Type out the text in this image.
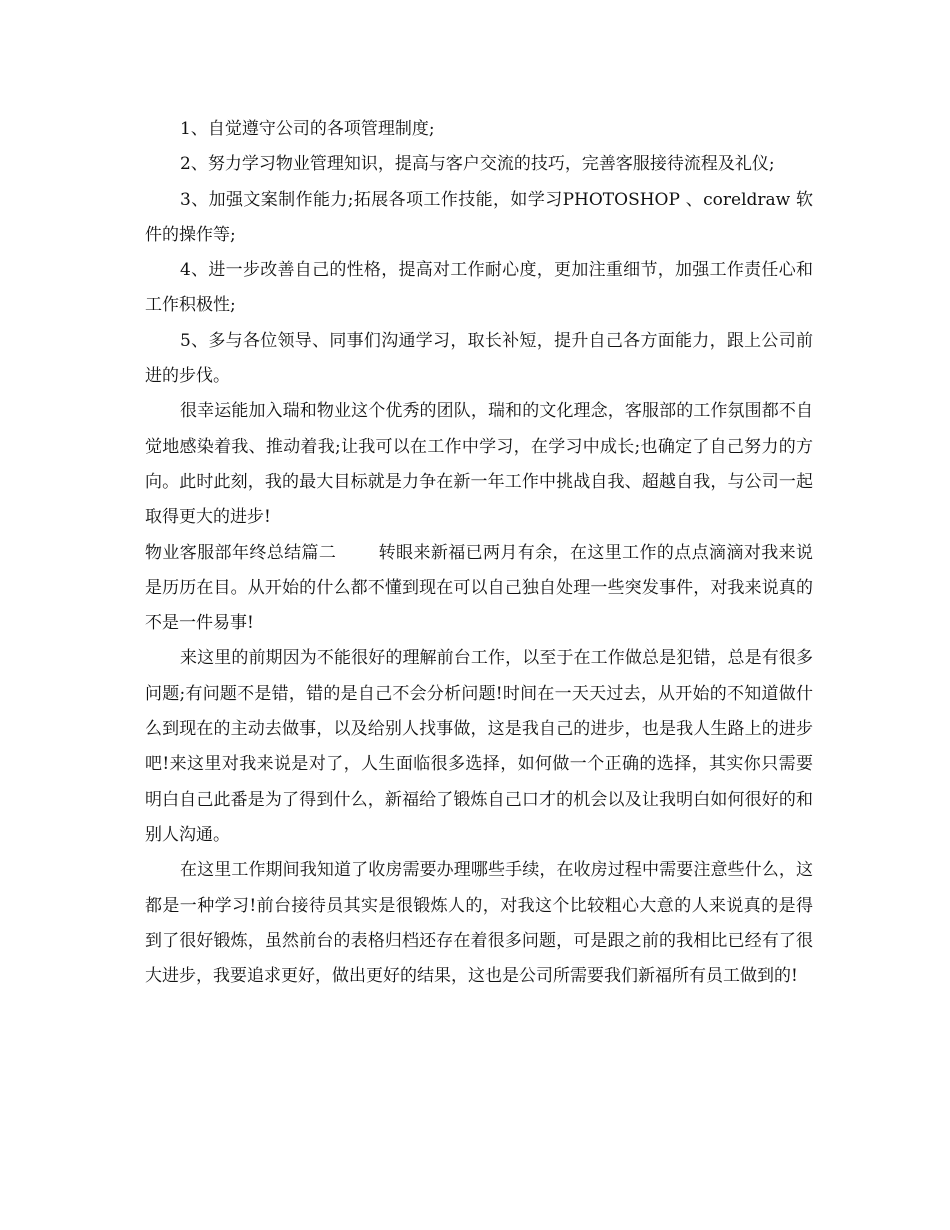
1、自觉遵守公司的各项管理制度;

2、努力学习物业管理知识，提高与客户交流的技巧，完善客服接待流程及礼仪;

3、加强文案制作能力;拓展各项工作技能，如学习PHOTOSHOP 、coreldraw 软件的操作等;

4、进一步改善自己的性格，提高对工作耐心度，更加注重细节，加强工作责任心和工作积极性;

5、多与各位领导、同事们沟通学习，取长补短，提升自己各方面能力，跟上公司前进的步伐。

很幸运能加入瑞和物业这个优秀的团队，瑞和的文化理念，客服部的工作氛围都不自觉地感染着我、推动着我;让我可以在工作中学习，在学习中成长;也确定了自己努力的方向。此时此刻，我的最大目标就是力争在新一年工作中挑战自我、超越自我，与公司一起取得更大的进步!

物业客服部年终总结篇二 转眼来新福已两月有余，在这里工作的点点滴滴对我来说是历历在目。从开始的什么都不懂到现在可以自己独自处理一些突发事件，对我来说真的不是一件易事!

来这里的前期因为不能很好的理解前台工作，以至于在工作做总是犯错，总是有很多问题;有问题不是错，错的是自己不会分析问题!时间在一天天过去，从开始的不知道做什么到现在的主动去做事，以及给别人找事做，这是我自己的进步，也是我人生路上的进步吧!来这里对我来说是对了，人生面临很多选择，如何做一个正确的选择，其实你只需要明白自己此番是为了得到什么，新福给了锻炼自己口才的机会以及让我明白如何很好的和别人沟通。

在这里工作期间我知道了收房需要办理哪些手续，在收房过程中需要注意些什么，这都是一种学习!前台接待员其实是很锻炼人的，对我这个比较粗心大意的人来说真的是得到了很好锻炼，虽然前台的表格归档还存在着很多问题，可是跟之前的我相比已经有了很大进步，我要追求更好，做出更好的结果，这也是公司所需要我们新福所有员工做到的!
